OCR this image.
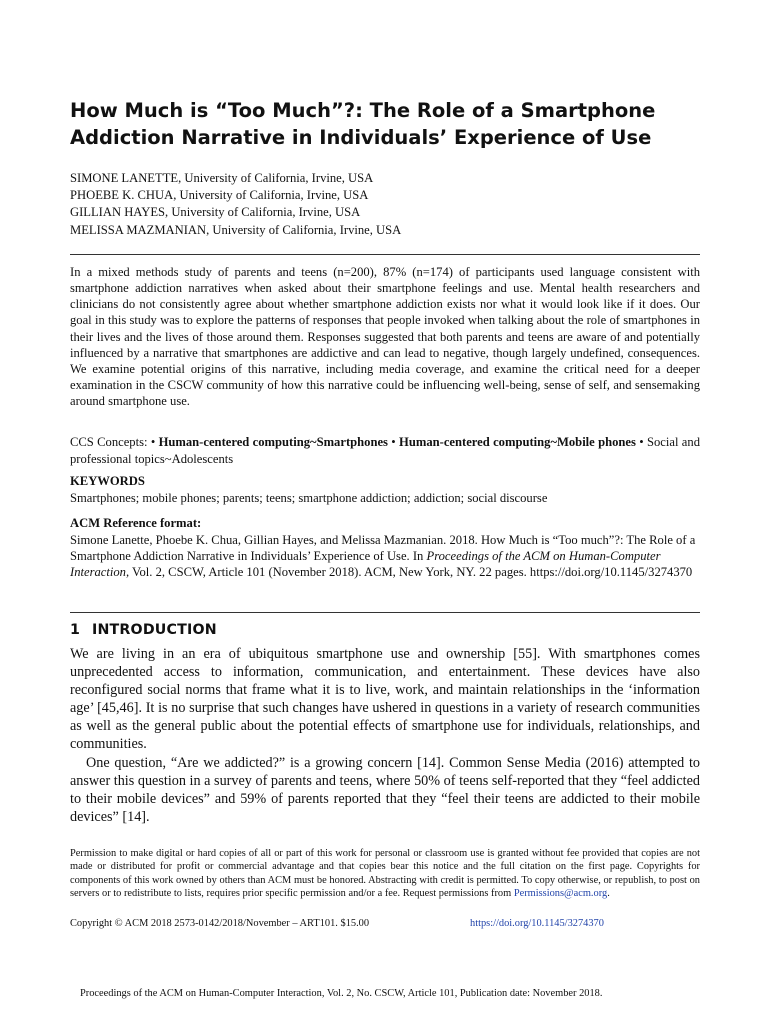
How Much is “Too Much”?: The Role of a Smartphone
Addiction Narrative in Individuals’ Experience of Use
SIMONE LANETTE, University of California, Irvine, USA
PHOEBE K. CHUA, University of California, Irvine, USA
GILLIAN HAYES, University of California, Irvine, USA
MELISSA MAZMANIAN, University of California, Irvine, USA
In a mixed methods study of parents and teens (n=200), 87% (n=174) of participants used language consistent with smartphone addiction narratives when asked about their smartphone feelings and use. Mental health researchers and clinicians do not consistently agree about whether smartphone addiction exists nor what it would look like if it does. Our goal in this study was to explore the patterns of responses that people invoked when talking about the role of smartphones in their lives and the lives of those around them. Responses suggested that both parents and teens are aware of and potentially influenced by a narrative that smartphones are addictive and can lead to negative, though largely undefined, consequences. We examine potential origins of this narrative, including media coverage, and examine the critical need for a deeper examination in the CSCW community of how this narrative could be influencing well-being, sense of self, and sensemaking around smartphone use.
CCS Concepts: • Human-centered computing~Smartphones • Human-centered computing~Mobile phones • Social and professional topics~Adolescents
KEYWORDS
Smartphones; mobile phones; parents; teens; smartphone addiction; addiction; social discourse
ACM Reference format:
Simone Lanette, Phoebe K. Chua, Gillian Hayes, and Melissa Mazmanian. 2018. How Much is “Too much”?: The Role of a Smartphone Addiction Narrative in Individuals’ Experience of Use. In Proceedings of the ACM on Human-Computer Interaction, Vol. 2, CSCW, Article 101 (November 2018). ACM, New York, NY. 22 pages. https://doi.org/10.1145/3274370
1 INTRODUCTION

We are living in an era of ubiquitous smartphone use and ownership [55]. With smartphones comes unprecedented access to information, communication, and entertainment. These devices have also reconfigured social norms that frame what it is to live, work, and maintain relationships in the ‘information age’ [45,46]. It is no surprise that such changes have ushered in questions in a variety of research communities as well as the general public about the potential effects of smartphone use for individuals, relationships, and communities.

One question, “Are we addicted?” is a growing concern [14]. Common Sense Media (2016) attempted to answer this question in a survey of parents and teens, where 50% of teens self-reported that they “feel addicted to their mobile devices” and 59% of parents reported that they “feel their teens are addicted to their mobile devices” [14].

Permission to make digital or hard copies of all or part of this work for personal or classroom use is granted without fee provided that copies are not made or distributed for profit or commercial advantage and that copies bear this notice and the full citation on the first page. Copyrights for components of this work owned by others than ACM must be honored. Abstracting with credit is permitted. To copy otherwise, or republish, to post on servers or to redistribute to lists, requires prior specific permission and/or a fee. Request permissions from Permissions@acm.org.
Copyright © ACM 2018 2573-0142/2018/November – ART101. $15.00	https://doi.org/10.1145/3274370
Proceedings of the ACM on Human-Computer Interaction, Vol. 2, No. CSCW, Article 101, Publication date: November 2018.
